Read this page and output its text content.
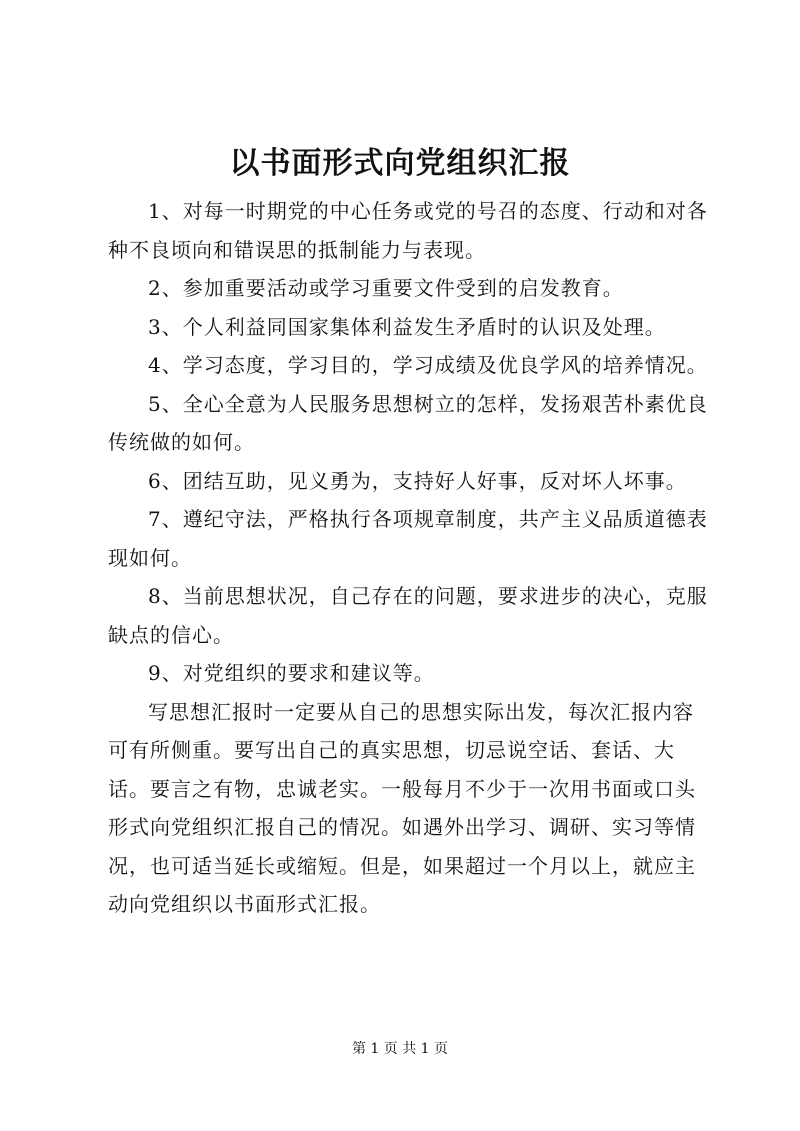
以书面形式向党组织汇报

1、对每一时期党的中心任务或党的号召的态度、行动和对各种不良顷向和错误思的抵制能力与表现。

2、参加重要活动或学习重要文件受到的启发教育。

3、个人利益同国家集体利益发生矛盾时的认识及处理。

4、学习态度，学习目的，学习成绩及优良学风的培养情况。

5、全心全意为人民服务思想树立的怎样，发扬艰苦朴素优良传统做的如何。

6、团结互助，见义勇为，支持好人好事，反对坏人坏事。

7、遵纪守法，严格执行各项规章制度，共产主义品质道德表现如何。

8、当前思想状况，自己存在的问题，要求进步的决心，克服缺点的信心。

9、对党组织的要求和建议等。

写思想汇报时一定要从自己的思想实际出发，每次汇报内容可有所侧重。要写出自己的真实思想，切忌说空话、套话、大话。要言之有物，忠诚老实。一般每月不少于一次用书面或口头形式向党组织汇报自己的情况。如遇外出学习、调研、实习等情况，也可适当延长或缩短。但是，如果超过一个月以上，就应主动向党组织以书面形式汇报。

第 1 页 共 1 页
